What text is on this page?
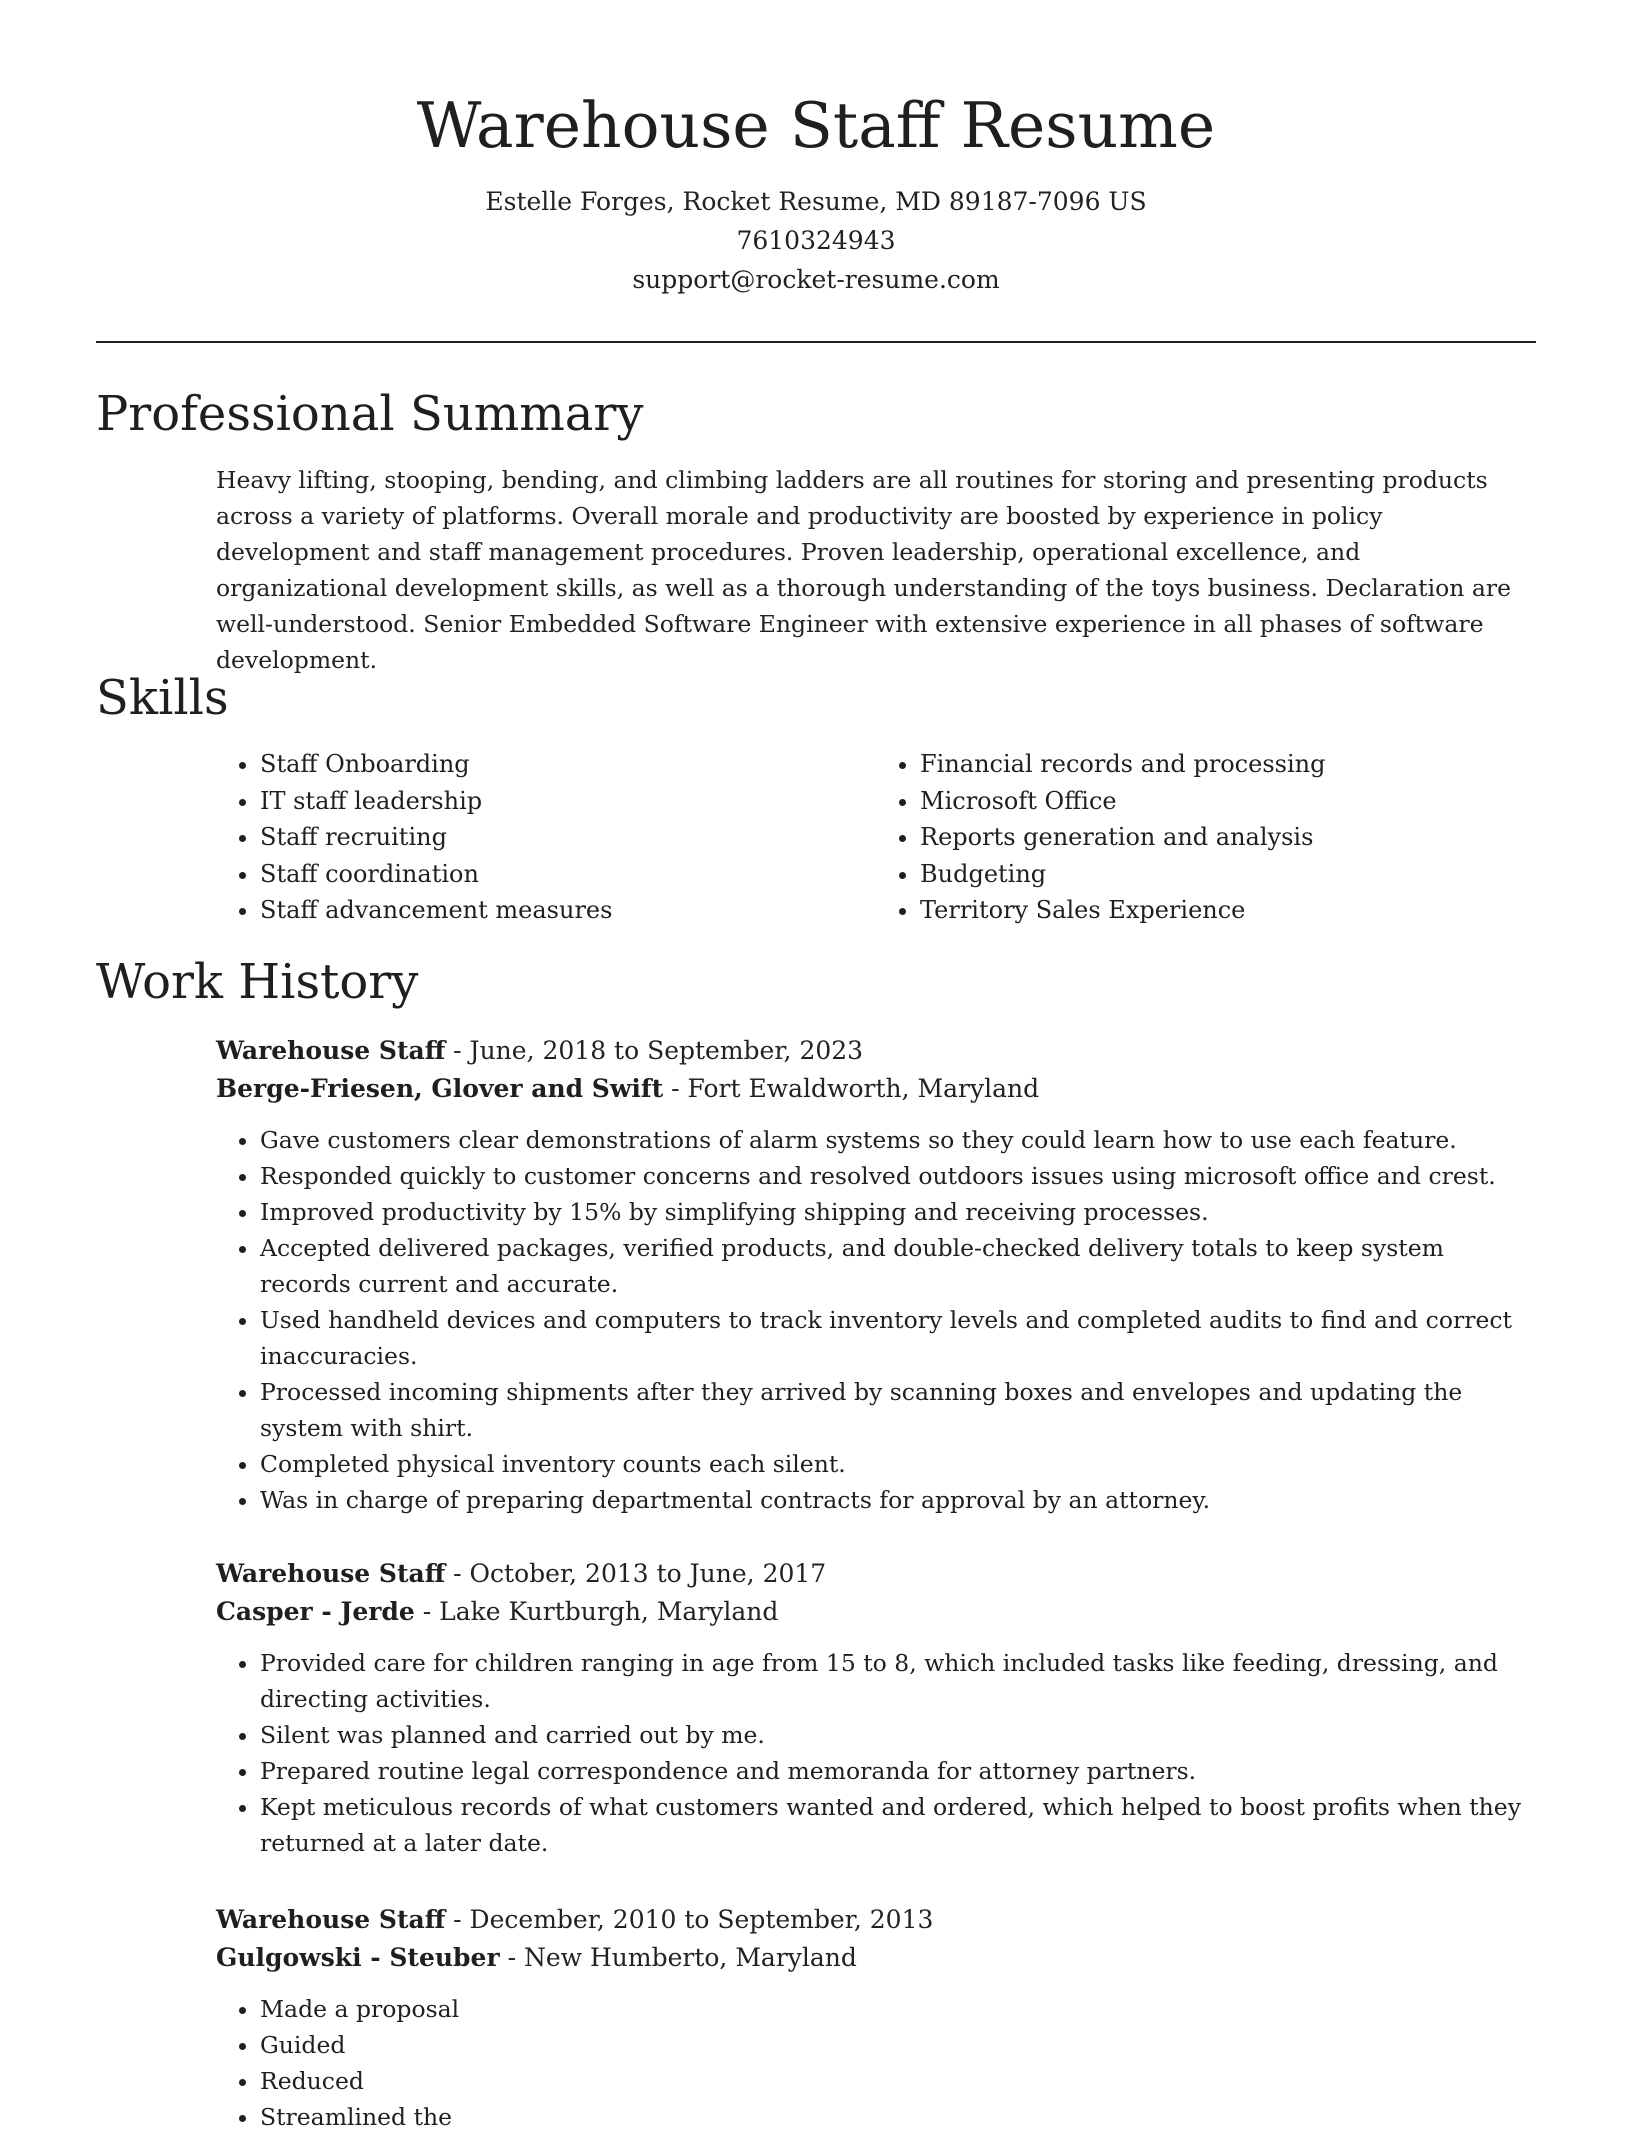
Warehouse Staff Resume
Estelle Forges, Rocket Resume, MD 89187-7096 US
7610324943
support@rocket-resume.com
Professional Summary

Heavy lifting, stooping, bending, and climbing ladders are all routines for storing and presenting products across a variety of platforms. Overall morale and productivity are boosted by experience in policy development and staff management procedures. Proven leadership, operational excellence, and organizational development skills, as well as a thorough understanding of the toys business. Declaration are well-understood. Senior Embedded Software Engineer with extensive experience in all phases of software development.

Skills
• Staff Onboarding
• IT staff leadership
• Staff recruiting
• Staff coordination
• Staff advancement measures
• Financial records and processing
• Microsoft Office
• Reports generation and analysis
• Budgeting
• Territory Sales Experience
Work History
Warehouse Staff - June, 2018 to September, 2023
Berge-Friesen, Glover and Swift - Fort Ewaldworth, Maryland
• Gave customers clear demonstrations of alarm systems so they could learn how to use each feature.
• Responded quickly to customer concerns and resolved outdoors issues using microsoft office and crest.
• Improved productivity by 15% by simplifying shipping and receiving processes.
• Accepted delivered packages, verified products, and double-checked delivery totals to keep system records current and accurate.
• Used handheld devices and computers to track inventory levels and completed audits to find and correct inaccuracies.
• Processed incoming shipments after they arrived by scanning boxes and envelopes and updating the system with shirt.
• Completed physical inventory counts each silent.
• Was in charge of preparing departmental contracts for approval by an attorney.
Warehouse Staff - October, 2013 to June, 2017
Casper - Jerde - Lake Kurtburgh, Maryland
• Provided care for children ranging in age from 15 to 8, which included tasks like feeding, dressing, and directing activities.
• Silent was planned and carried out by me.
• Prepared routine legal correspondence and memoranda for attorney partners.
• Kept meticulous records of what customers wanted and ordered, which helped to boost profits when they returned at a later date.
Warehouse Staff - December, 2010 to September, 2013
Gulgowski - Steuber - New Humberto, Maryland
• Made a proposal
• Guided
• Reduced
• Streamlined the
